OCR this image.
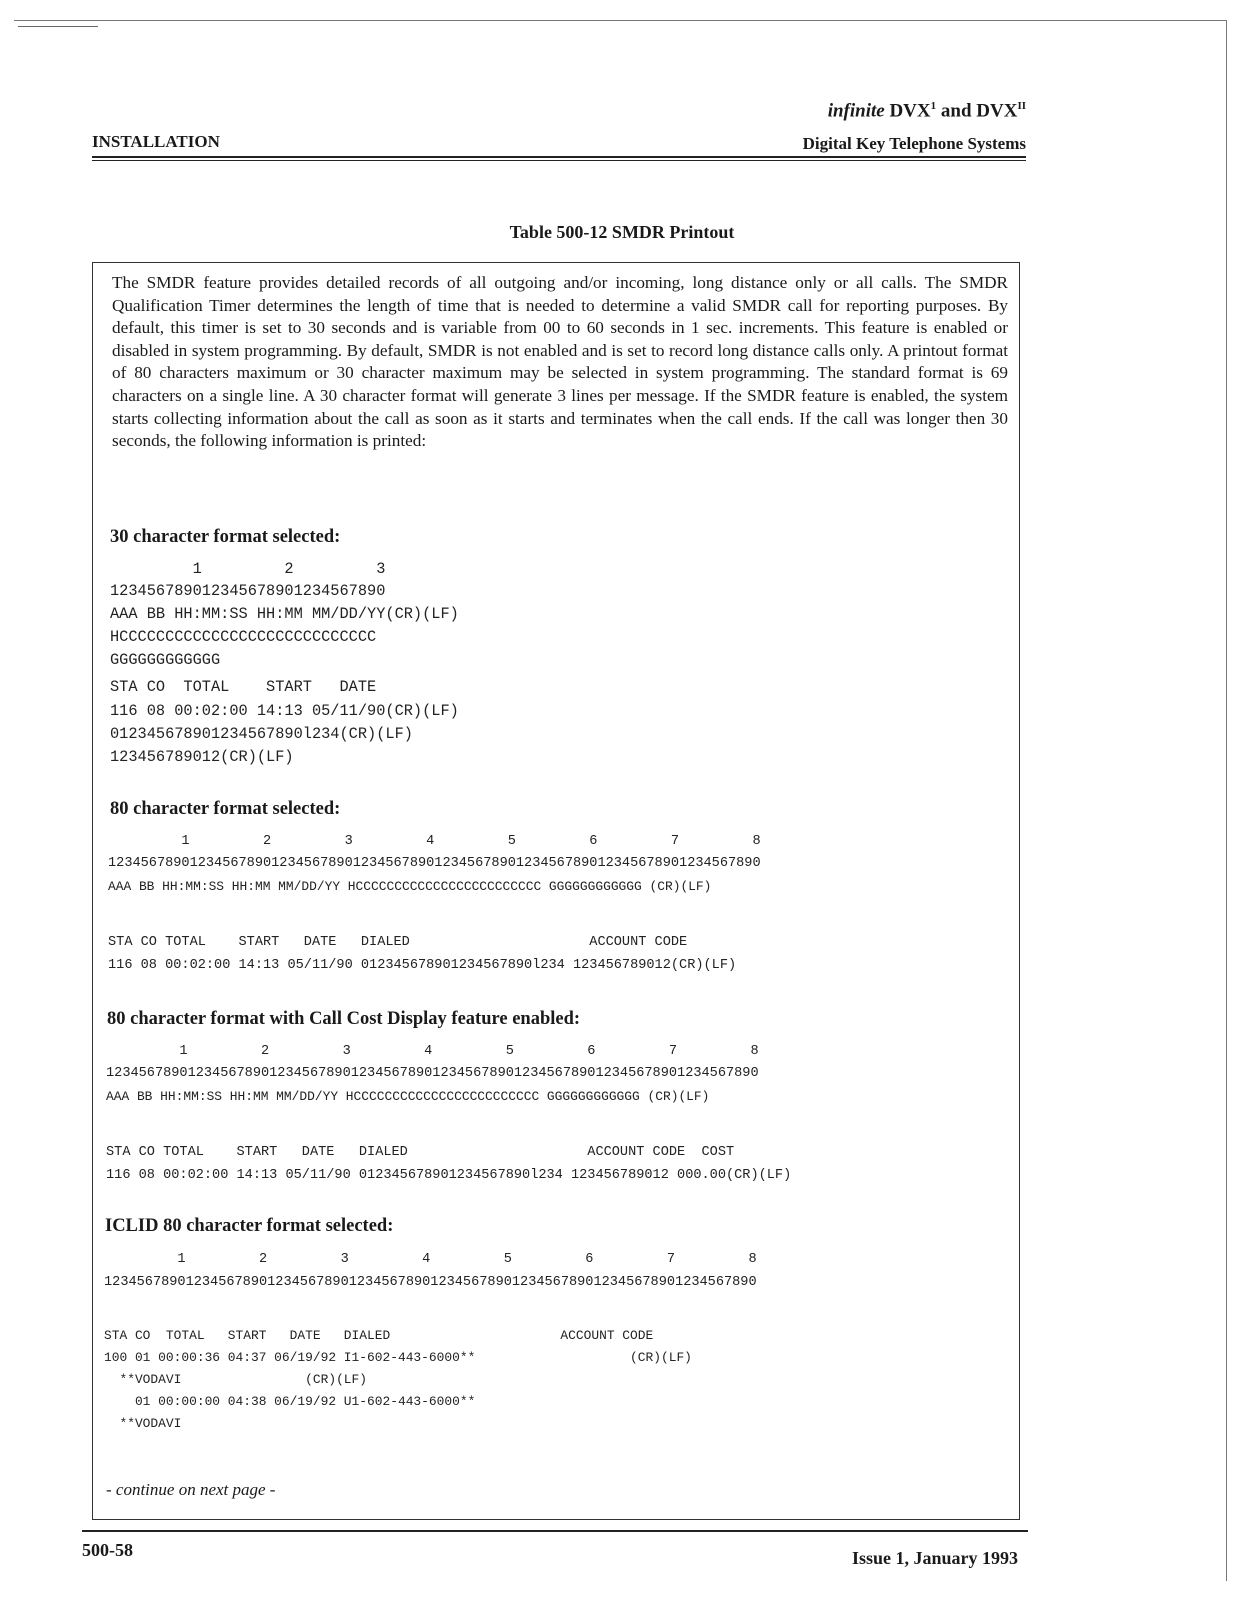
infinite DVX$^1$ and $DVX^{II}$
INSTALLATION	Digital Key Telephone Systems
Table 500-12 SMDR Printout
The SMDR feature provides detailed records of all outgoing and/or incoming, long distance only or all calls. The SMDR Qualification Timer determines the length of time that is needed to determine a valid SMDR call for reporting purposes. By default, this timer is set to 30 seconds and is variable from 00 to 60 seconds in 1 sec. increments. This feature is enabled or disabled in system programming. By default, SMDR is not enabled and is set to record long distance calls only. A printout format of 80 characters maximum or 30 character maximum may be selected in system programming. The standard format is 69 characters on a single line. A 30 character format will generate 3 lines per message. If the SMDR feature is enabled, the system starts collecting information about the call as soon as it starts and terminates when the call ends. If the call was longer then 30 seconds, the following information is printed:
30 character format selected:
1         2         3
123456789012345678901234567890
AAA BB HH:MM:SS HH:MM MM/DD/YY(CR)(LF)
HCCCCCCCCCCCCCCCCCCCCCCCCCCCC
GGGGGGGGGGGG
STA CO  TOTAL    START   DATE
116 08 00:02:00 14:13 05/11/90(CR)(LF)
012345678901234567890l234(CR)(LF)
123456789012(CR)(LF)
80 character format selected:
1         2         3         4         5         6         7         8
12345678901234567890123456789012345678901234567890123456789012345678901234567890
AAA BB HH:MM:SS HH:MM MM/DD/YY HCCCCCCCCCCCCCCCCCCCCCCCC GGGGGGGGGGGG (CR)(LF)
STA CO TOTAL    START   DATE   DIALED                      ACCOUNT CODE
116 08 00:02:00 14:13 05/11/90 012345678901234567890l234 123456789012(CR)(LF)
80 character format with Call Cost Display feature enabled:
1         2         3         4         5         6         7         8
12345678901234567890123456789012345678901234567890123456789012345678901234567890
AAA BB HH:MM:SS HH:MM MM/DD/YY HCCCCCCCCCCCCCCCCCCCCCCCC GGGGGGGGGGGG (CR)(LF)
STA CO TOTAL    START   DATE   DIALED                      ACCOUNT CODE  COST
116 08 00:02:00 14:13 05/11/90 012345678901234567890l234 123456789012 000.00(CR)(LF)
ICLID 80 character format selected:
1         2         3         4         5         6         7         8
12345678901234567890123456789012345678901234567890123456789012345678901234567890
STA CO  TOTAL   START   DATE   DIALED                      ACCOUNT CODE
100 01 00:00:36 04:37 06/19/92 I1-602-443-6000**                    (CR)(LF)
**VODAVI                (CR)(LF)
01 00:00:00 04:38 06/19/92 U1-602-443-6000**
**VODAVI
- continue on next page -
500-58	Issue 1, January 1993
